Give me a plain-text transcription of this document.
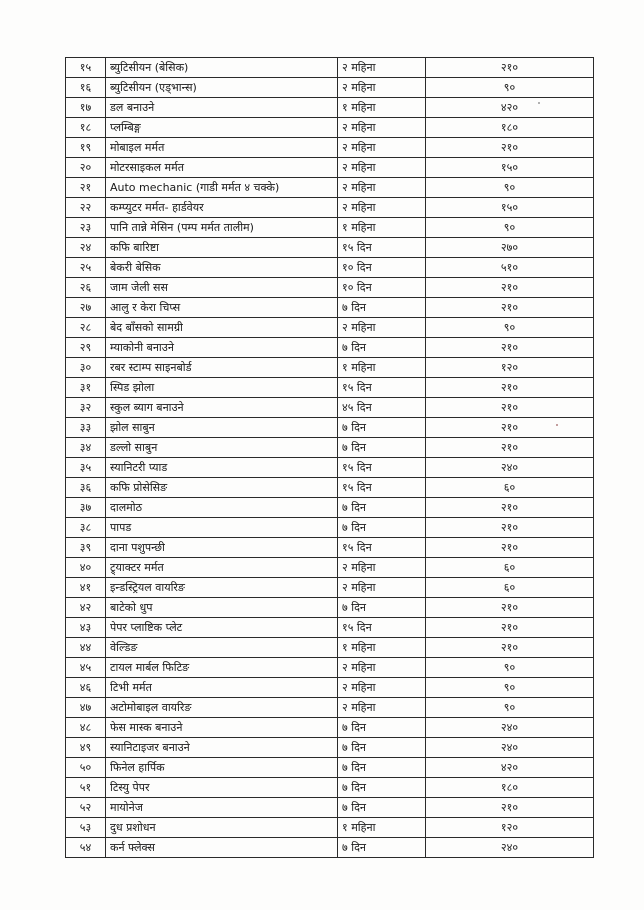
१५	ब्युटिसीयन (बेसिक)	२ महिना	२१०
१६	ब्युटिसीयन (एड्भान्स)	२ महिना	९०
१७	डल बनाउने	१ महिना	४२०
१८	प्लम्बिङ्ग	२ महिना	१८०
१९	मोबाइल मर्मत	२ महिना	२१०
२०	मोटरसाइकल मर्मत	२ महिना	१५०
२१	Auto mechanic (गाडी मर्मत ४ चक्के)	२ महिना	९०
२२	कम्प्युटर मर्मत- हार्डवेयर	२ महिना	१५०
२३	पानि तान्ने मेसिन (पम्प मर्मत तालीम)	१ महिना	९०
२४	कफि बारिष्टा	१५ दिन	२७०
२५	बेकरी बेसिक	१० दिन	५१०
२६	जाम जेली सस	१० दिन	२१०
२७	आलु र केरा चिप्स	७ दिन	२१०
२८	बेद बाँसको सामग्री	२ महिना	९०
२९	म्याकोनी बनाउने	७ दिन	२१०
३०	रबर स्टाम्प साइनबोर्ड	१ महिना	१२०
३१	स्पिड झोला	१५ दिन	२१०
३२	स्कुल ब्याग बनाउने	४५ दिन	२१०
३३	झोल साबुन	७ दिन	२१०
३४	डल्लो साबुन	७ दिन	२१०
३५	स्यानिटरी प्याड	१५ दिन	२४०
३६	कफि प्रोसेसिङ	१५ दिन	६०
३७	दालमोठ	७ दिन	२१०
३८	पापड	७ दिन	२१०
३९	दाना पशुपन्छी	१५ दिन	२१०
४०	ट्र्याक्टर मर्मत	२ महिना	६०
४१	इन्डस्ट्रियल वायरिङ	२ महिना	६०
४२	बाटेको धुप	७ दिन	२१०
४३	पेपर प्लाष्टिक प्लेट	१५ दिन	२१०
४४	वेल्डिङ	१ महिना	२१०
४५	टायल मार्बल फिटिङ	२ महिना	९०
४६	टिभी मर्मत	२ महिना	९०
४७	अटोमोबाइल वायरिङ	२ महिना	९०
४८	फेस मास्क बनाउने	७ दिन	२४०
४९	स्यानिटाइजर बनाउने	७ दिन	२४०
५०	फिनेल हार्पिक	७ दिन	४२०
५१	टिस्यु पेपर	७ दिन	१८०
५२	मायोनेज	७ दिन	२१०
५३	दुध प्रशोधन	१ महिना	१२०
५४	कर्न फ्लेक्स	७ दिन	२४०
